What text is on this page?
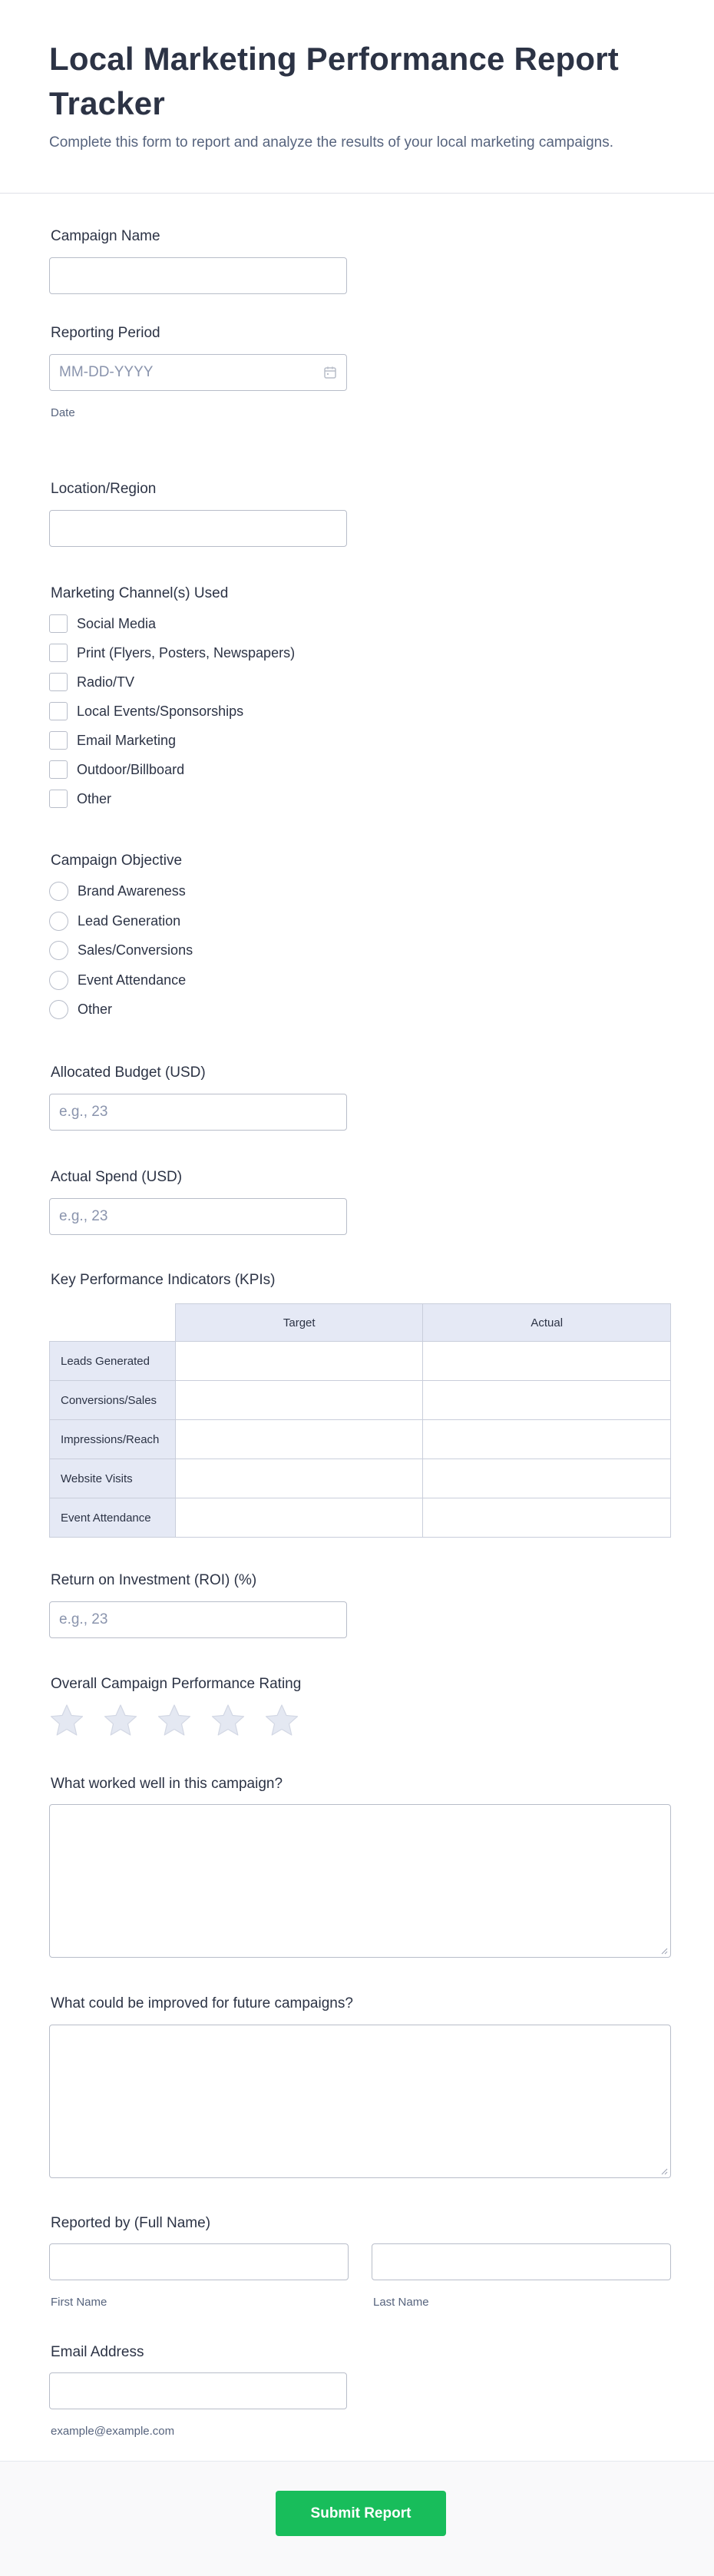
Local Marketing Performance Report Tracker

Complete this form to report and analyze the results of your local marketing campaigns.

Campaign Name
Reporting Period
MM-DD-YYYY
Date
Location/Region
Marketing Channel(s) Used
Social Media
Print (Flyers, Posters, Newspapers)
Radio/TV
Local Events/Sponsorships
Email Marketing
Outdoor/Billboard
Other
Campaign Objective
Brand Awareness
Lead Generation
Sales/Conversions
Event Attendance
Other
Allocated Budget (USD)
e.g., 23
Actual Spend (USD)
e.g., 23
Key Performance Indicators (KPIs)
	Target	Actual
Leads Generated		
Conversions/Sales		
Impressions/Reach		
Website Visits		
Event Attendance		
Return on Investment (ROI) (%)
e.g., 23
Overall Campaign Performance Rating
What worked well in this campaign?
What could be improved for future campaigns?
Reported by (Full Name)
First Name	Last Name
Email Address
example@example.com
Submit Report
